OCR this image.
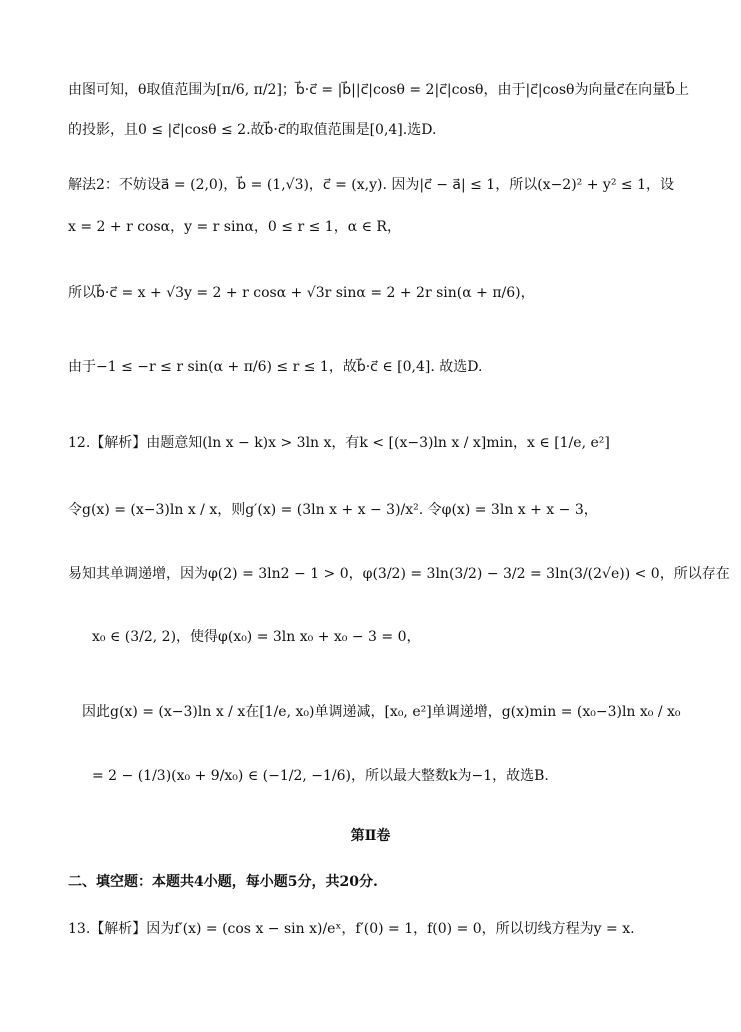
由图可知，θ取值范围为[π/6, π/2]；b⃗·c⃗ = |b⃗||c⃗|cosθ = 2|c⃗|cosθ，由于|c⃗|cosθ为向量c⃗在向量b⃗上
的投影，且0 ≤ |c⃗|cosθ ≤ 2.故b⃗·c⃗的取值范围是[0,4].选D.
解法2：不妨设a⃗ = (2,0)，b⃗ = (1,√3)，c⃗ = (x,y). 因为|c⃗ − a⃗| ≤ 1，所以(x−2)² + y² ≤ 1，设
x = 2 + r cosα，y = r sinα，0 ≤ r ≤ 1，α ∈ R，
所以b⃗·c⃗ = x + √3y = 2 + r cosα + √3r sinα = 2 + 2r sin(α + π/6)，
由于−1 ≤ −r ≤ r sin(α + π/6) ≤ r ≤ 1，故b⃗·c⃗ ∈ [0,4]. 故选D.
12.【解析】由题意知(ln x − k)x > 3ln x，有k < [(x−3)ln x / x]min，x ∈ [1/e, e²]
令g(x) = (x−3)ln x / x，则g′(x) = (3ln x + x − 3)/x². 令φ(x) = 3ln x + x − 3，
易知其单调递增，因为φ(2) = 3ln2 − 1 > 0，φ(3/2) = 3ln(3/2) − 3/2 = 3ln(3/(2√e)) < 0，所以存在
x₀ ∈ (3/2, 2)，使得φ(x₀) = 3ln x₀ + x₀ − 3 = 0，
因此g(x) = (x−3)ln x / x在[1/e, x₀)单调递减，[x₀, e²]单调递增，g(x)min = (x₀−3)ln x₀ / x₀
= 2 − (1/3)(x₀ + 9/x₀) ∈ (−1/2, −1/6)，所以最大整数k为−1，故选B.
第Ⅱ卷
二、填空题：本题共4小题，每小题5分，共20分.
13.【解析】因为f′(x) = (cos x − sin x)/eˣ，f′(0) = 1，f(0) = 0，所以切线方程为y = x.
